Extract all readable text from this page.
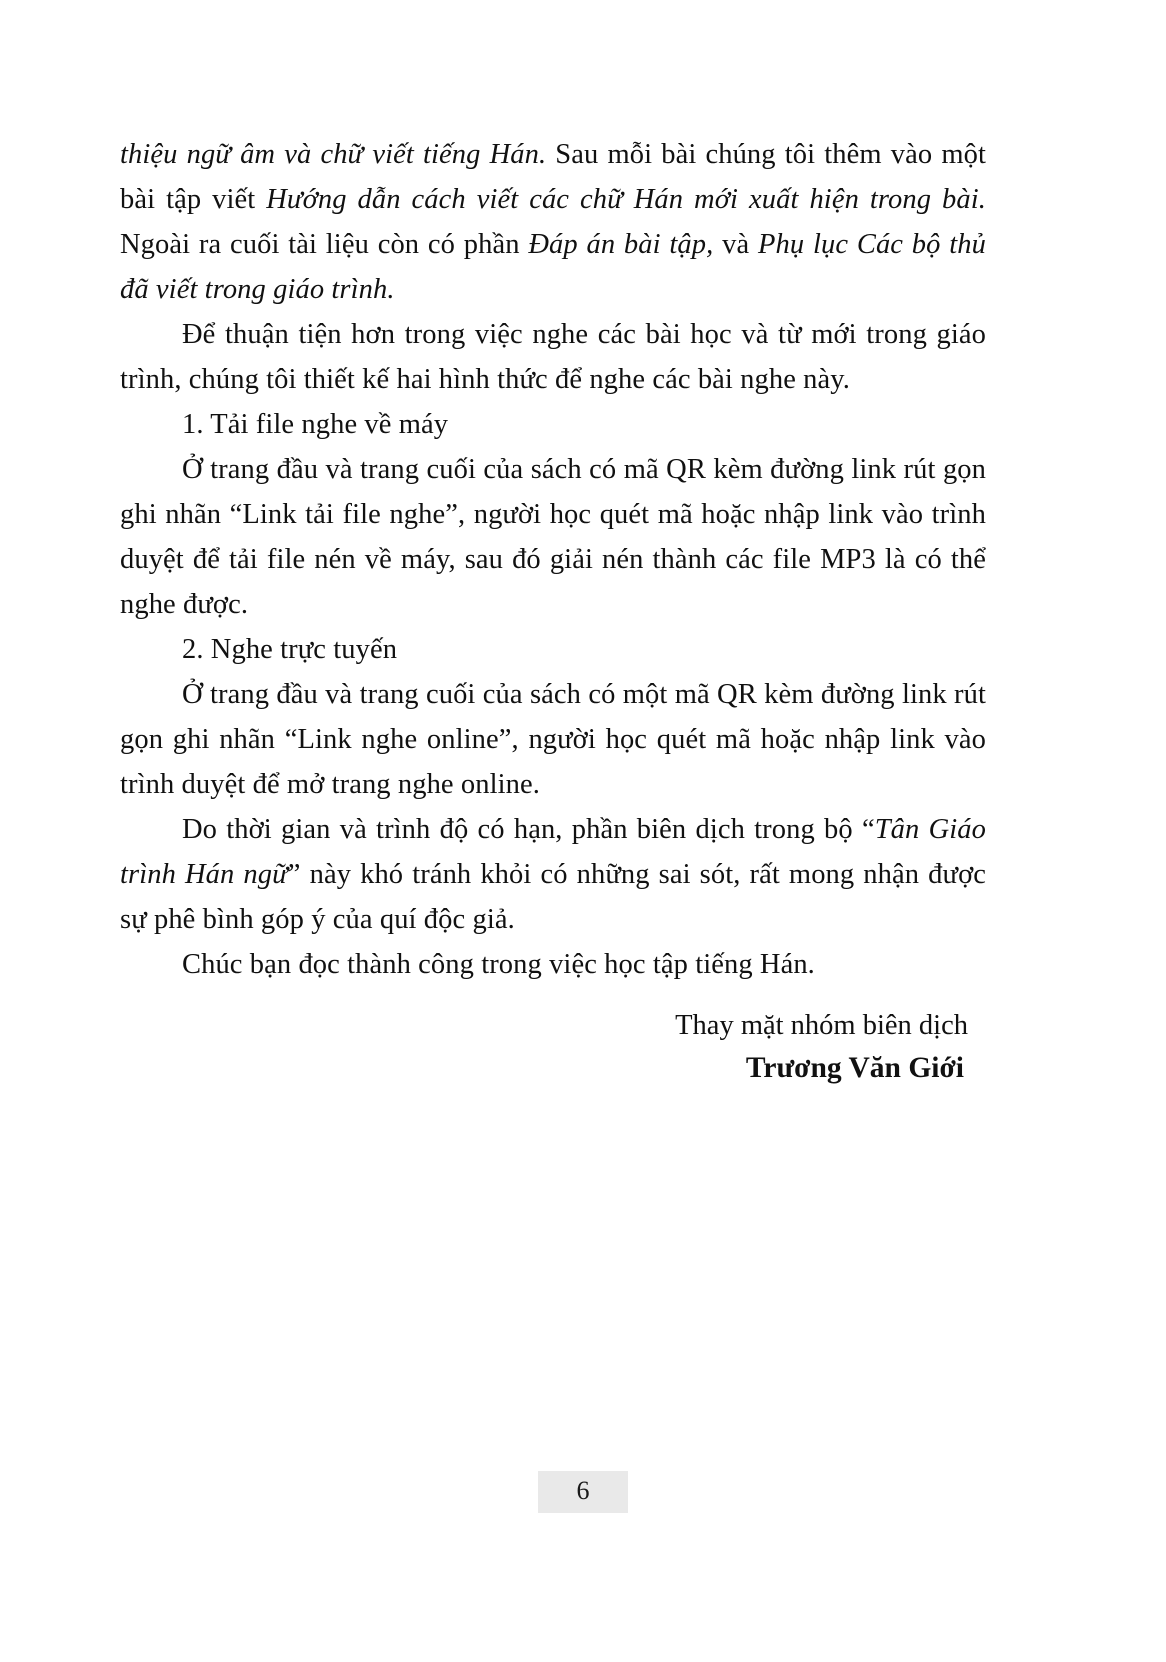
thiệu ngữ âm và chữ viết tiếng Hán. Sau mỗi bài chúng tôi thêm vào một bài tập viết Hướng dẫn cách viết các chữ Hán mới xuất hiện trong bài. Ngoài ra cuối tài liệu còn có phần Đáp án bài tập, và Phụ lục Các bộ thủ đã viết trong giáo trình.

Để thuận tiện hơn trong việc nghe các bài học và từ mới trong giáo trình, chúng tôi thiết kế hai hình thức để nghe các bài nghe này.

1. Tải file nghe về máy

Ở trang đầu và trang cuối của sách có mã QR kèm đường link rút gọn ghi nhãn “Link tải file nghe”, người học quét mã hoặc nhập link vào trình duyệt để tải file nén về máy, sau đó giải nén thành các file MP3 là có thể nghe được.

2. Nghe trực tuyến

Ở trang đầu và trang cuối của sách có một mã QR kèm đường link rút gọn ghi nhãn “Link nghe online”, người học quét mã hoặc nhập link vào trình duyệt để mở trang nghe online.

Do thời gian và trình độ có hạn, phần biên dịch trong bộ “Tân Giáo trình Hán ngữ” này khó tránh khỏi có những sai sót, rất mong nhận được sự phê bình góp ý của quí độc giả.

Chúc bạn đọc thành công trong việc học tập tiếng Hán.

Thay mặt nhóm biên dịch
Trương Văn Giới
6
